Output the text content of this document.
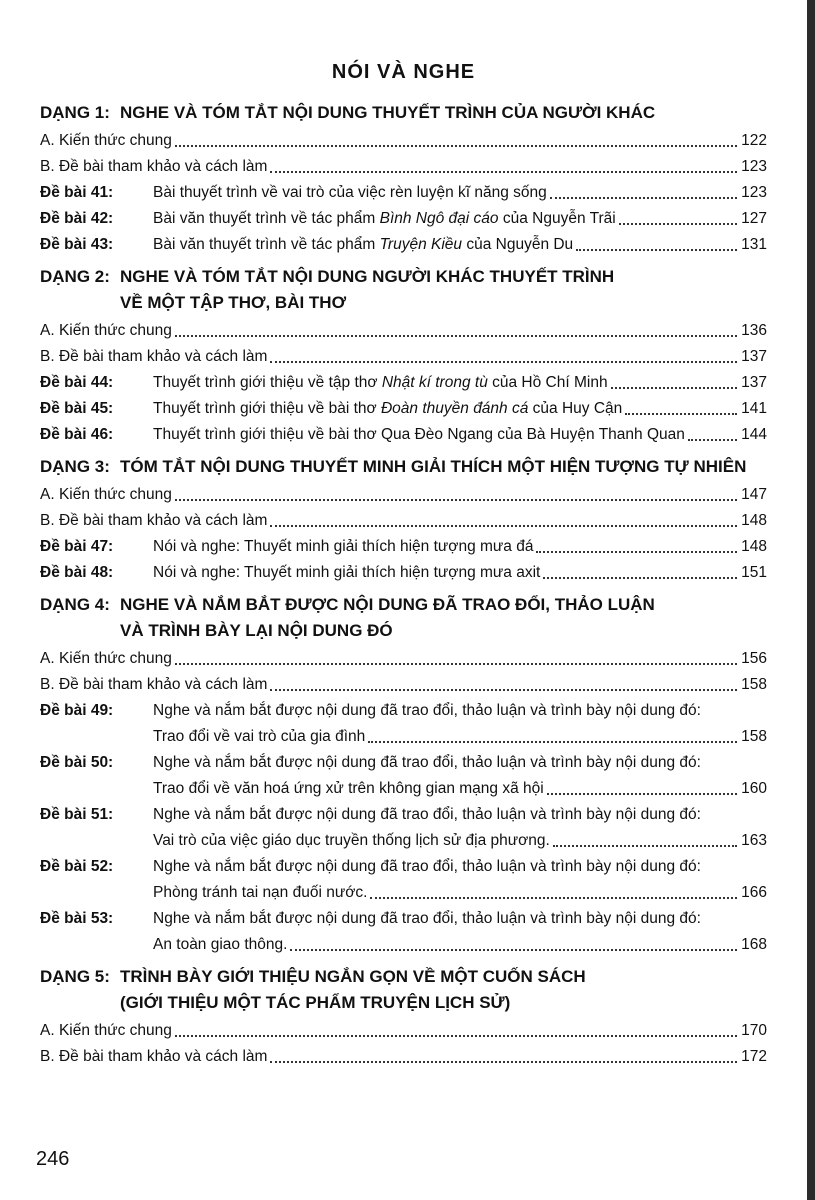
NÓI VÀ NGHE
DẠNG 1: NGHE VÀ TÓM TẮT NỘI DUNG THUYẾT TRÌNH CỦA NGƯỜI KHÁC
A. Kiến thức chung	122
B. Đề bài tham khảo và cách làm	123
Đề bài 41:	Bài thuyết trình về vai trò của việc rèn luyện kĩ năng sống	123
Đề bài 42:	Bài văn thuyết trình về tác phẩm Bình Ngô đại cáo của Nguyễn Trãi	127
Đề bài 43:	Bài văn thuyết trình về tác phẩm Truyện Kiều của Nguyễn Du	131
DẠNG 2: NGHE VÀ TÓM TẮT NỘI DUNG NGƯỜI KHÁC THUYẾT TRÌNH
VỀ MỘT TẬP THƠ, BÀI THƠ
A. Kiến thức chung	136
B. Đề bài tham khảo và cách làm	137
Đề bài 44:	Thuyết trình giới thiệu về tập thơ Nhật kí trong tù của Hồ Chí Minh	137
Đề bài 45:	Thuyết trình giới thiệu về bài thơ Đoàn thuyền đánh cá của Huy Cận	141
Đề bài 46:	Thuyết trình giới thiệu về bài thơ Qua Đèo Ngang của Bà Huyện Thanh Quan	144
DẠNG 3: TÓM TẮT NỘI DUNG THUYẾT MINH GIẢI THÍCH MỘT HIỆN TƯỢNG TỰ NHIÊN
A. Kiến thức chung	147
B. Đề bài tham khảo và cách làm	148
Đề bài 47:	Nói và nghe: Thuyết minh giải thích hiện tượng mưa đá	148
Đề bài 48:	Nói và nghe: Thuyết minh giải thích hiện tượng mưa axit	151
DẠNG 4: NGHE VÀ NẮM BẮT ĐƯỢC NỘI DUNG ĐÃ TRAO ĐỔI, THẢO LUẬN
VÀ TRÌNH BÀY LẠI NỘI DUNG ĐÓ
A. Kiến thức chung	156
B. Đề bài tham khảo và cách làm	158
Đề bài 49:	Nghe và nắm bắt được nội dung đã trao đổi, thảo luận và trình bày nội dung đó:
Trao đổi về vai trò của gia đình	158
Đề bài 50:	Nghe và nắm bắt được nội dung đã trao đổi, thảo luận và trình bày nội dung đó:
Trao đổi về văn hoá ứng xử trên không gian mạng xã hội	160
Đề bài 51:	Nghe và nắm bắt được nội dung đã trao đổi, thảo luận và trình bày nội dung đó:
Vai trò của việc giáo dục truyền thống lịch sử địa phương.	163
Đề bài 52:	Nghe và nắm bắt được nội dung đã trao đổi, thảo luận và trình bày nội dung đó:
Phòng tránh tai nạn đuối nước.	166
Đề bài 53:	Nghe và nắm bắt được nội dung đã trao đổi, thảo luận và trình bày nội dung đó:
An toàn giao thông.	168
DẠNG 5: TRÌNH BÀY GIỚI THIỆU NGẮN GỌN VỀ MỘT CUỐN SÁCH
(GIỚI THIỆU MỘT TÁC PHẨM TRUYỆN LỊCH SỬ)
A. Kiến thức chung	170
B. Đề bài tham khảo và cách làm	172
246
